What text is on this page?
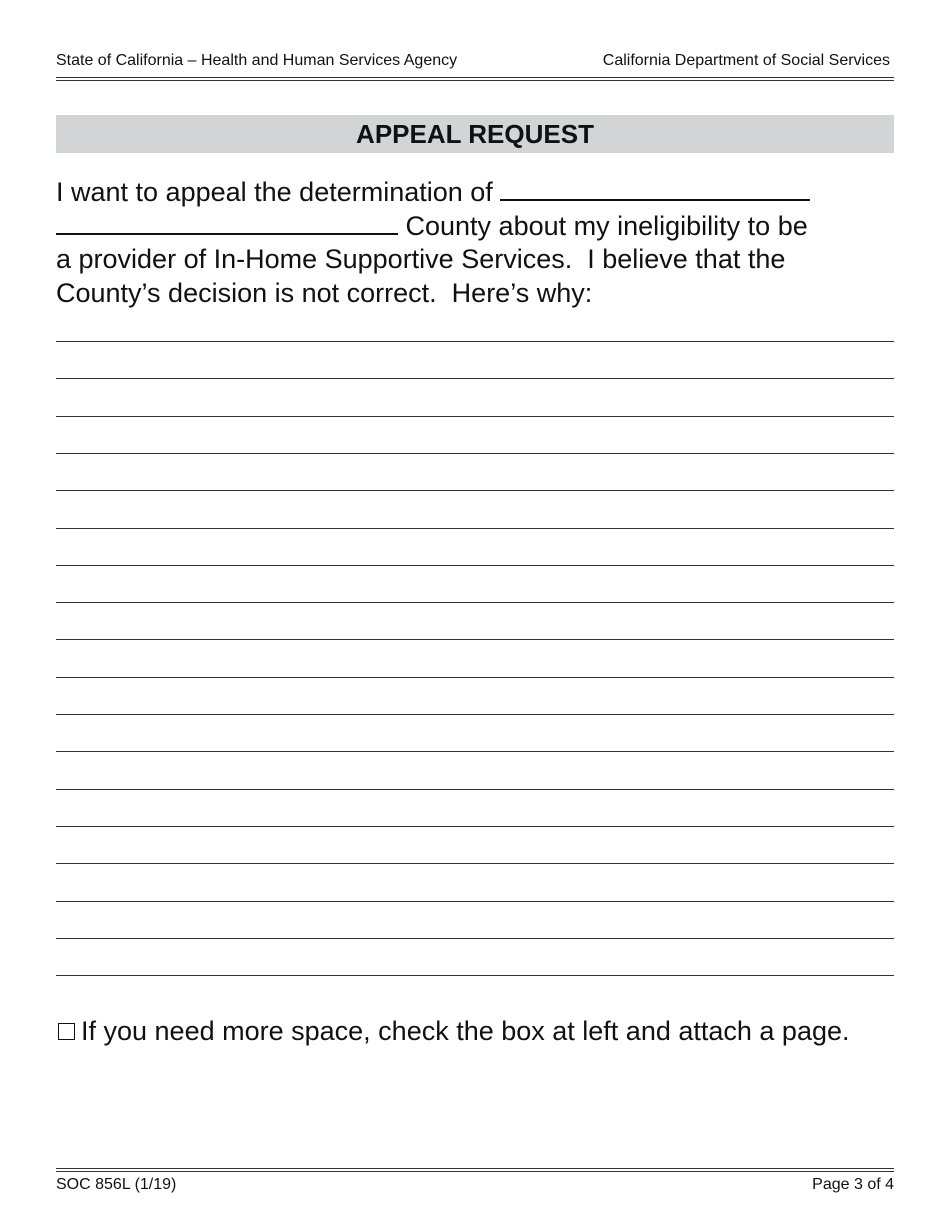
State of California – Health and Human Services Agency	California Department of Social Services
APPEAL REQUEST
I want to appeal the determination of
County about my ineligibility to be
a provider of In-Home Supportive Services.  I believe that the
County’s decision is not correct.  Here’s why:
If you need more space, check the box at left and attach a page.
SOC 856L (1/19)	Page 3 of 4
